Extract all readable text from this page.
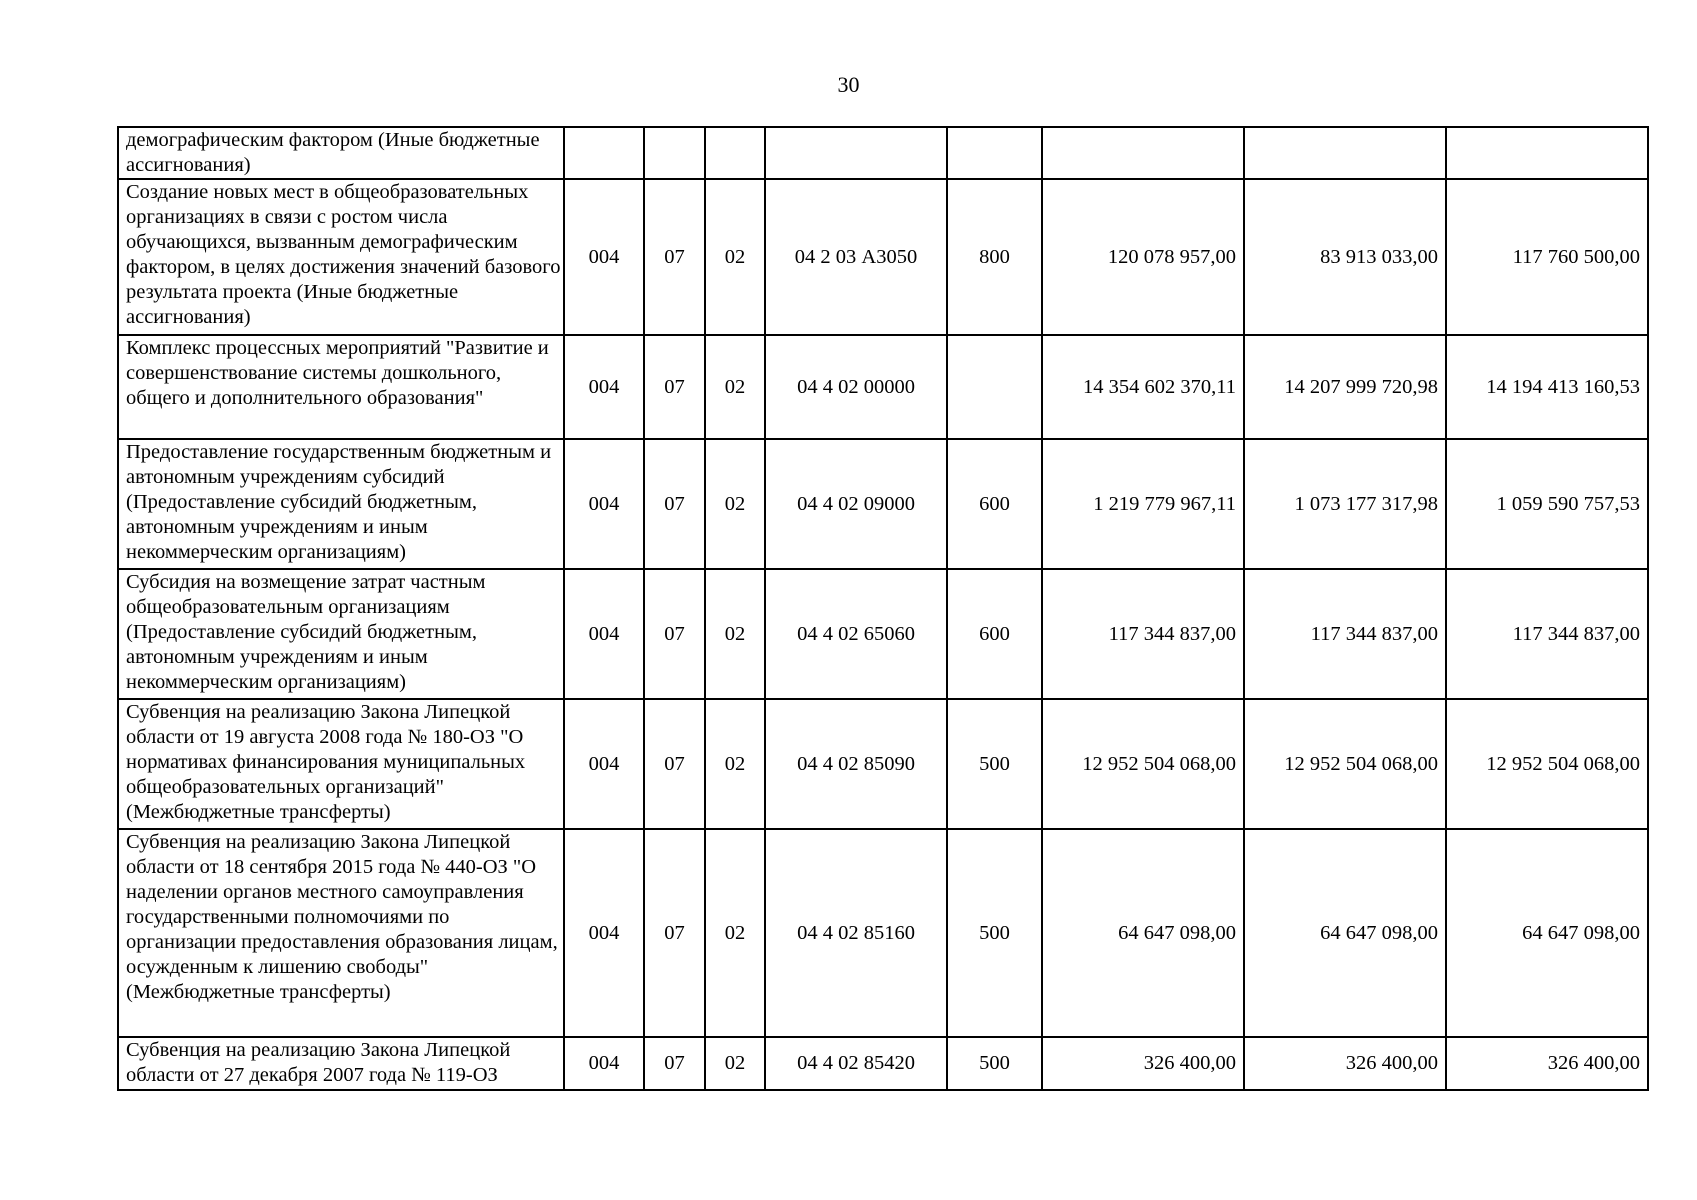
30
демографическим фактором (Иные бюджетные ассигнования)								
Создание новых мест в общеобразовательных организациях в связи с ростом числа обучающихся, вызванным демографическим фактором, в целях достижения значений базового результата проекта (Иные бюджетные ассигнования)	004	07	02	04 2 03 А3050	800	120 078 957,00	83 913 033,00	117 760 500,00
Комплекс процессных мероприятий "Развитие и совершенствование системы дошкольного, общего и дополнительного образования"	004	07	02	04 4 02 00000		14 354 602 370,11	14 207 999 720,98	14 194 413 160,53
Предоставление государственным бюджетным и автономным учреждениям субсидий (Предоставление субсидий бюджетным, автономным учреждениям и иным некоммерческим организациям)	004	07	02	04 4 02 09000	600	1 219 779 967,11	1 073 177 317,98	1 059 590 757,53
Субсидия на возмещение затрат частным общеобразовательным организациям (Предоставление субсидий бюджетным, автономным учреждениям и иным некоммерческим организациям)	004	07	02	04 4 02 65060	600	117 344 837,00	117 344 837,00	117 344 837,00
Субвенция на реализацию Закона Липецкой области от 19 августа 2008 года № 180-ОЗ "О нормативах финансирования муниципальных общеобразовательных организаций" (Межбюджетные трансферты)	004	07	02	04 4 02 85090	500	12 952 504 068,00	12 952 504 068,00	12 952 504 068,00
Субвенция на реализацию Закона Липецкой области от 18 сентября 2015 года № 440-ОЗ "О наделении органов местного самоуправления государственными полномочиями по организации предоставления образования лицам, осужденным к лишению свободы" (Межбюджетные трансферты)	004	07	02	04 4 02 85160	500	64 647 098,00	64 647 098,00	64 647 098,00
Субвенция на реализацию Закона Липецкой области от 27 декабря 2007 года № 119-ОЗ	004	07	02	04 4 02 85420	500	326 400,00	326 400,00	326 400,00
